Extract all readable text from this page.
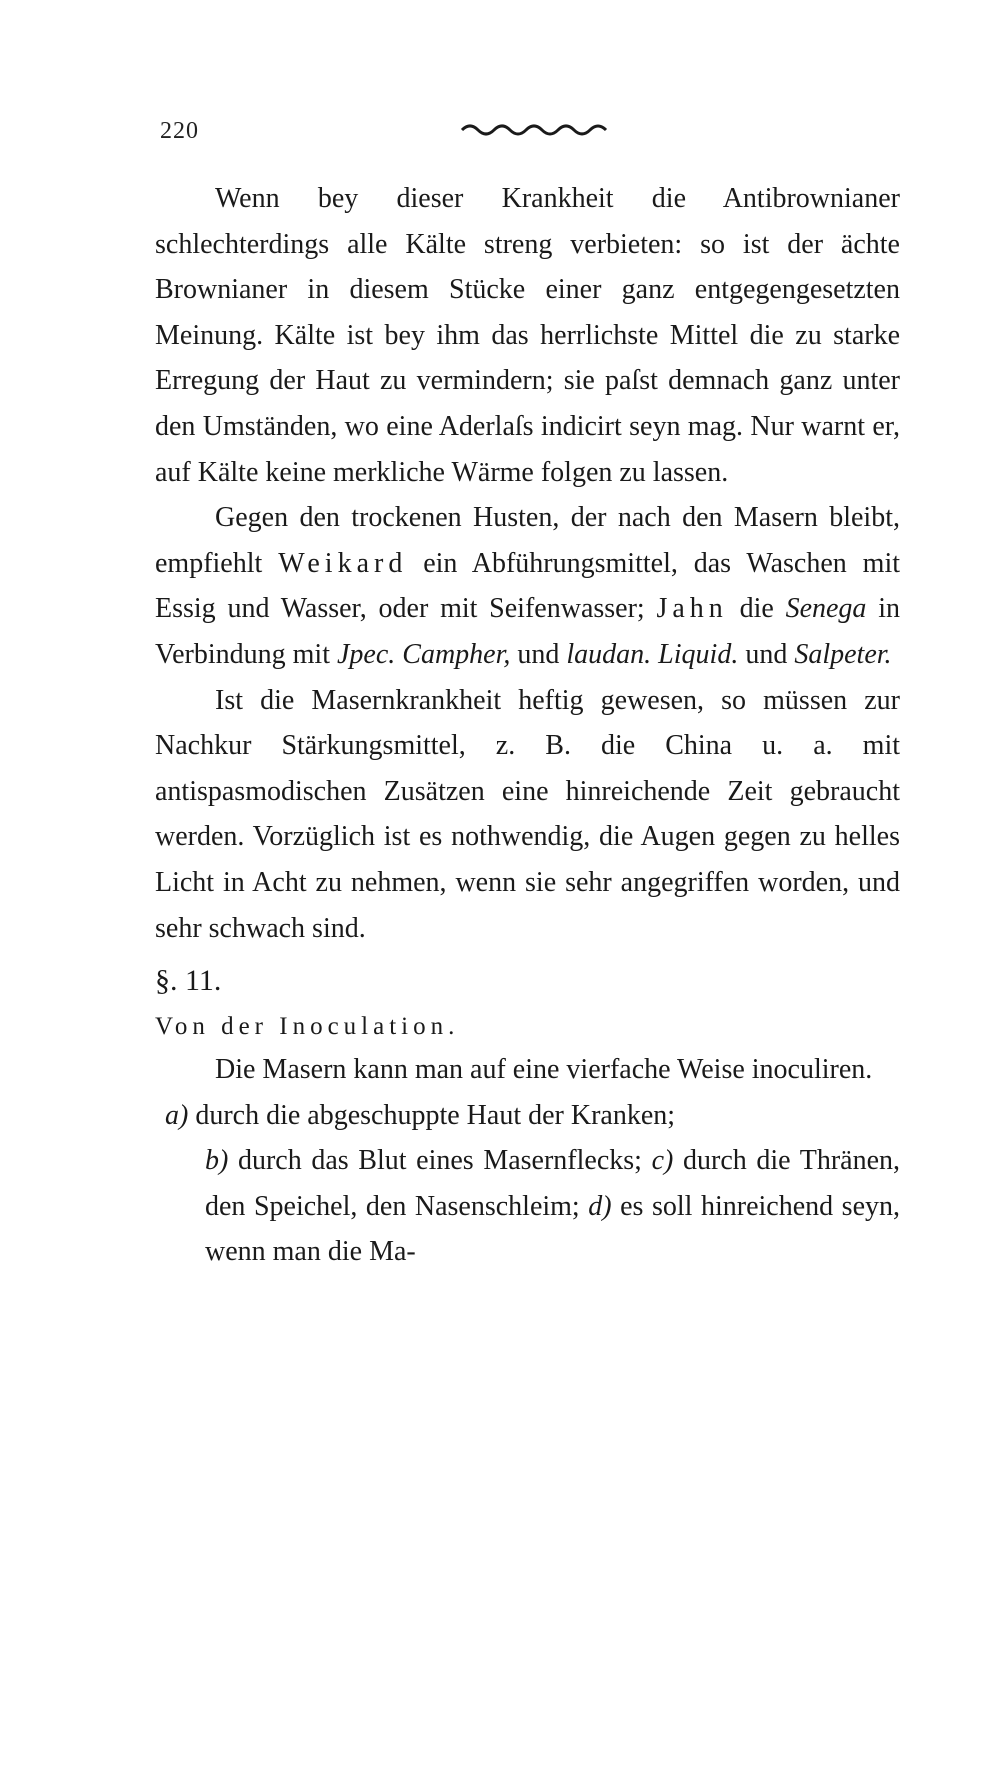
220

Wenn bey dieser Krankheit die Antibrownianer schlechterdings alle Kälte streng verbieten: so ist der ächte Brownianer in diesem Stücke einer ganz entgegengesetzten Meinung. Kälte ist bey ihm das herrlichste Mittel die zu starke Erregung der Haut zu vermindern; sie paſst demnach ganz unter den Umständen, wo eine Aderlaſs indicirt seyn mag. Nur warnt er, auf Kälte keine merkliche Wärme folgen zu lassen.

Gegen den trockenen Husten, der nach den Masern bleibt, empfiehlt Weikard ein Abführungsmittel, das Waschen mit Essig und Wasser, oder mit Seifenwasser; Jahn die Senega in Verbindung mit Jpec. Campher, und laudan. Liquid. und Salpeter.

Ist die Masernkrankheit heftig gewesen, so müssen zur Nachkur Stärkungsmittel, z. B. die China u. a. mit antispasmodischen Zusätzen eine hinreichende Zeit gebraucht werden. Vorzüglich ist es nothwendig, die Augen gegen zu helles Licht in Acht zu nehmen, wenn sie sehr angegriffen worden, und sehr schwach sind.

§. 11.
Von der Inoculation.

Die Masern kann man auf eine vierfache Weise inoculiren.

a) durch die abgeschuppte Haut der Kranken;

b) durch das Blut eines Masernflecks; c) durch die Thränen, den Speichel, den Nasenschleim; d) es soll hinreichend seyn, wenn man die Ma-
